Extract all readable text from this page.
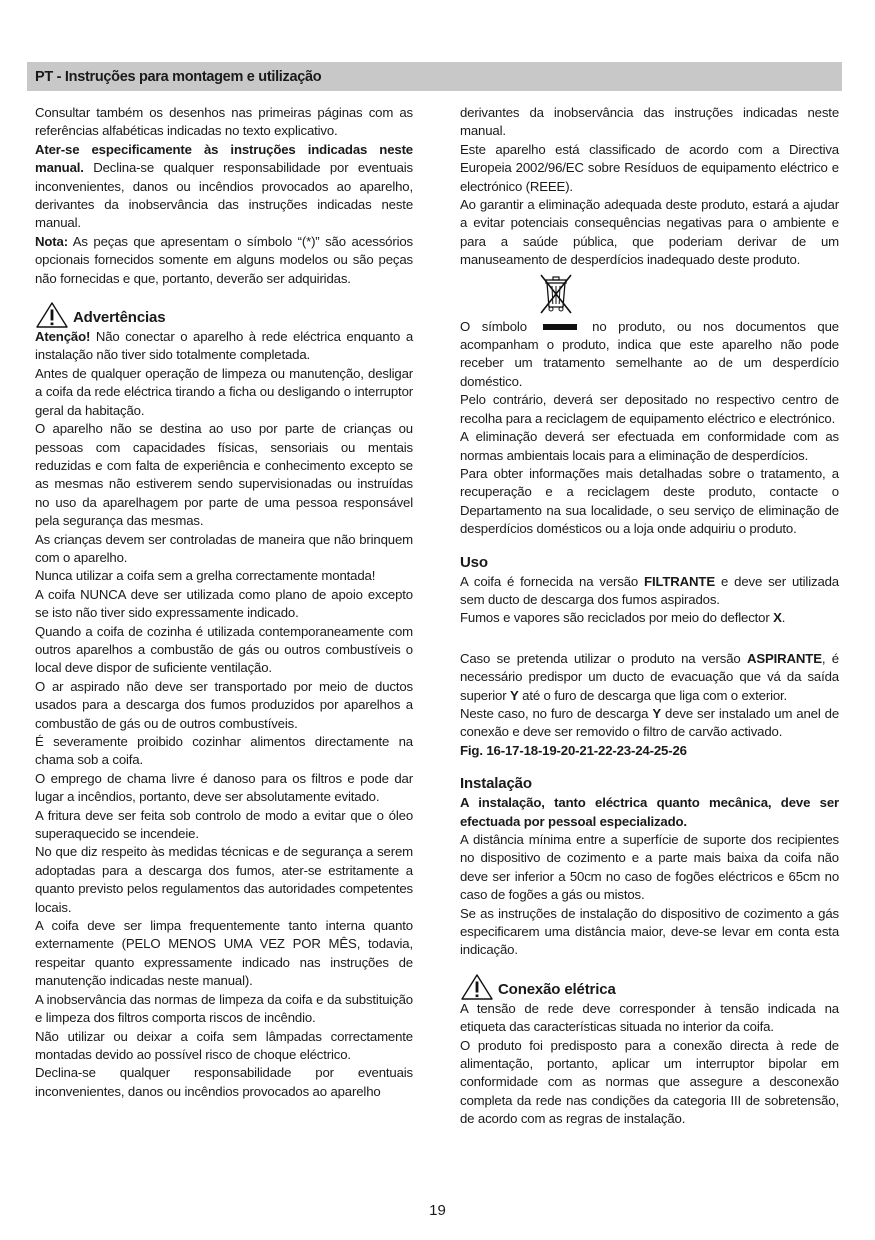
PT - Instruções para montagem e utilização

Consultar também os desenhos nas primeiras páginas com as referências alfabéticas indicadas no texto explicativo.

Ater-se especificamente às instruções indicadas neste manual. Declina-se qualquer responsabilidade por eventuais inconvenientes, danos ou incêndios provocados ao aparelho, derivantes da inobservância das instruções indicadas neste manual.

Nota: As peças que apresentam o símbolo “(*)” são acessórios opcionais fornecidos somente em alguns modelos ou são peças não fornecidas e que, portanto, deverão ser adquiridas.

Advertências

Atenção! Não conectar o aparelho à rede eléctrica enquanto a instalação não tiver sido totalmente completada.

Antes de qualquer operação de limpeza ou manutenção, desligar a coifa da rede eléctrica tirando a ficha ou desligando o interruptor geral da habitação.

O aparelho não se destina ao uso por parte de crianças ou pessoas com capacidades físicas, sensoriais ou mentais reduzidas e com falta de experiência e conhecimento excepto se as mesmas não estiverem sendo supervisionadas ou instruídas no uso da aparelhagem por parte de uma pessoa responsável pela segurança das mesmas.

As crianças devem ser controladas de maneira que não brinquem com o aparelho.

Nunca utilizar a coifa sem a grelha correctamente montada!

A coifa NUNCA deve ser utilizada como plano de apoio excepto se isto não tiver sido expressamente indicado.

Quando a coifa de cozinha é utilizada contemporaneamente com outros aparelhos a combustão de gás ou outros combustíveis o local deve dispor de suficiente ventilação.

O ar aspirado não deve ser transportado por meio de ductos usados para a descarga dos fumos produzidos por aparelhos a combustão de gás ou de outros combustíveis.

É severamente proibido cozinhar alimentos directamente na chama sob a coifa.

O emprego de chama livre é danoso para os filtros e pode dar lugar a incêndios, portanto, deve ser absolutamente evitado.

A fritura deve ser feita sob controlo de modo a evitar que o óleo superaquecido se incendeie.

No que diz respeito às medidas técnicas e de segurança a serem adoptadas para a descarga dos fumos, ater-se estritamente a quanto previsto pelos regulamentos das autoridades competentes locais.

A coifa deve ser limpa frequentemente tanto interna quanto externamente (PELO MENOS UMA VEZ POR MÊS, todavia, respeitar quanto expressamente indicado nas instruções de manutenção indicadas neste manual).

A inobservância das normas de limpeza da coifa e da substituição e limpeza dos filtros comporta riscos de incêndio.

Não utilizar ou deixar a coifa sem lâmpadas correctamente montadas devido ao possível risco de choque eléctrico.

Declina-se qualquer responsabilidade por eventuais inconvenientes, danos ou incêndios provocados ao aparelho

derivantes da inobservância das instruções indicadas neste manual.

Este aparelho está classificado de acordo com a Directiva Europeia 2002/96/EC sobre Resíduos de equipamento eléctrico e electrónico (REEE).

Ao garantir a eliminação adequada deste produto, estará a ajudar a evitar potenciais consequências negativas para o ambiente e para a saúde pública, que poderiam derivar de um manuseamento de desperdícios inadequado deste produto.

O símbolo	no produto, ou nos documentos que acompanham o produto, indica que este aparelho não pode receber um tratamento semelhante ao de um desperdício doméstico.

Pelo contrário, deverá ser depositado no respectivo centro de recolha para a reciclagem de equipamento eléctrico e electrónico.

A eliminação deverá ser efectuada em conformidade com as normas ambientais locais para a eliminação de desperdícios.

Para obter informações mais detalhadas sobre o tratamento, a recuperação e a reciclagem deste produto, contacte o Departamento na sua localidade, o seu serviço de eliminação de desperdícios domésticos ou a loja onde adquiriu o produto.

Uso

A coifa é fornecida na versão FILTRANTE e deve ser utilizada sem ducto de descarga dos fumos aspirados.

Fumos e vapores são reciclados por meio do deflector X.

Caso se pretenda utilizar o produto na versão ASPIRANTE, é necessário predispor um ducto de evacuação que vá da saída superior Y até o furo de descarga que liga com o exterior.

Neste caso, no furo de descarga Y deve ser instalado um anel de conexão e deve ser removido o filtro de carvão activado.

Fig. 16-17-18-19-20-21-22-23-24-25-26

Instalação

A instalação, tanto eléctrica quanto mecânica, deve ser efectuada por pessoal especializado.

A distância mínima entre a superfície de suporte dos recipientes no dispositivo de cozimento e a parte mais baixa da coifa não deve ser inferior a 50cm no caso de fogões eléctricos e 65cm no caso de fogões a gás ou mistos.

Se as instruções de instalação do dispositivo de cozimento a gás especificarem uma distância maior, deve-se levar em conta esta indicação.

Conexão elétrica

A tensão de rede deve corresponder à tensão indicada na etiqueta das características situada no interior da coifa.

O produto foi predisposto para a conexão directa à rede de alimentação, portanto, aplicar um interruptor bipolar em conformidade com as normas que assegure a desconexão completa da rede nas condições da categoria III de sobretensão, de acordo com as regras de instalação.

19
